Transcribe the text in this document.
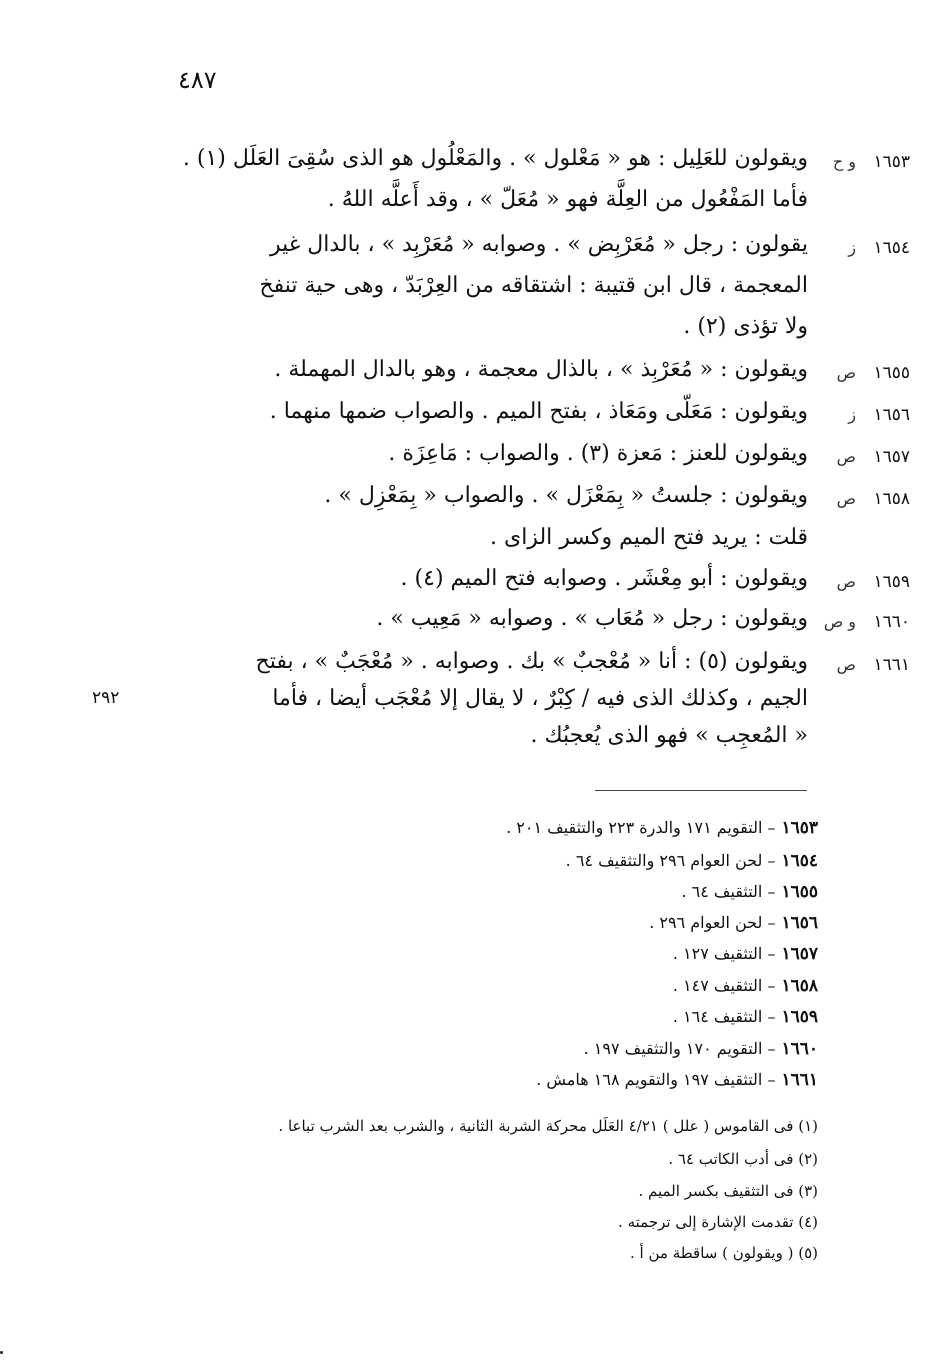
٤٨٧
١٦٥٣
و ح
ويقولون للعَلِيل : هو « مَعْلول » . والمَعْلُول هو الذى سُقِىَ العَلَل (١) .
فأما المَفْعُول من العِلَّة فهو « مُعَلّ » ، وقد أَعلَّه اللهُ .
١٦٥٤
ز
يقولون : رجل « مُعَرْبِض » . وصوابه « مُعَرْبِد » ، بالدال غير
المعجمة ، قال ابن قتيبة : اشتقاقه من العِرْبَدّ ، وهى حية تنفخ
ولا تؤذى (٢) .
١٦٥٥
ص
ويقولون : « مُعَرْبِذ » ، بالذال معجمة ، وهو بالدال المهملة .
١٦٥٦
ز
ويقولون : مَعَلّى ومَعَاذ ، بفتح الميم . والصواب ضمها منهما .
١٦٥٧
ص
ويقولون للعنز : مَعزة (٣) . والصواب : مَاعِزَة .
١٦٥٨
ص
ويقولون : جلستُ « بِمَعْزَل » . والصواب « بِمَعْزِل » .
قلت : يريد فتح الميم وكسر الزاى .
١٦٥٩
ص
ويقولون : أبو مِعْشَر . وصوابه فتح الميم (٤) .
١٦٦٠
و ص
ويقولون : رجل « مُعَاب » . وصوابه « مَعِيب » .
١٦٦١
ص
ويقولون (٥) : أنا « مُعْجبٌ » بك . وصوابه . « مُعْجَبٌ » ، بفتح
الجيم ، وكذلك الذى فيه / كِبْرٌ ، لا يقال إلا مُعْجَب أيضا ، فأما
« المُعجِب » فهو الذى يُعجبُك .
٢٩٢
١٦٥٣– التقويم ١٧١ والدرة ٢٢٣ والتثقيف ٢٠١ .
١٦٥٤– لحن العوام ٢٩٦ والتثقيف ٦٤ .
١٦٥٥– التثقيف ٦٤ .
١٦٥٦– لحن العوام ٢٩٦ .
١٦٥٧– التثقيف ١٢٧ .
١٦٥٨– التثقيف ١٤٧ .
١٦٥٩– التثقيف ١٦٤ .
١٦٦٠– التقويم ١٧٠ والتثقيف ١٩٧ .
١٦٦١– التثقيف ١٩٧ والتقويم ١٦٨ هامش .
(١) فى القاموس ( علل ) ٤/٢١ العَلَل محركة الشربة الثانية ، والشرب بعد الشرب تباعا .
(٢) فى أدب الكاتب ٦٤ .
(٣) فى التثقيف بكسر الميم .
(٤) تقدمت الإشارة إلى ترجمته .
(٥) ( ويقولون ) ساقطة من أ .
